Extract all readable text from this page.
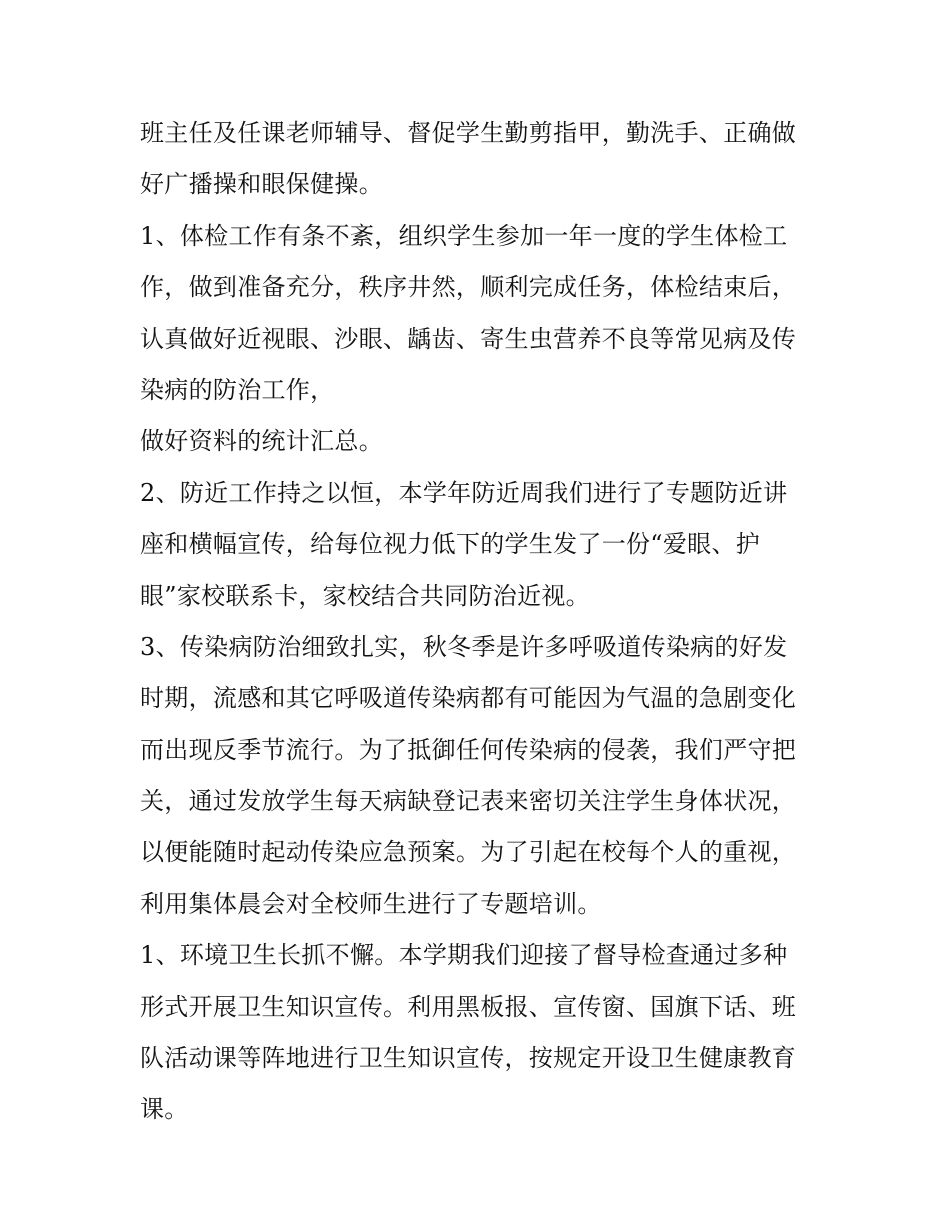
班主任及任课老师辅导、督促学生勤剪指甲，勤洗手、正确做
好广播操和眼保健操。
1、体检工作有条不紊，组织学生参加一年一度的学生体检工
作，做到准备充分，秩序井然，顺利完成任务，体检结束后，
认真做好近视眼、沙眼、龋齿、寄生虫营养不良等常见病及传
染病的防治工作，
做好资料的统计汇总。
2、防近工作持之以恒，本学年防近周我们进行了专题防近讲
座和横幅宣传，给每位视力低下的学生发了一份“爱眼、护
眼”家校联系卡，家校结合共同防治近视。
3、传染病防治细致扎实，秋冬季是许多呼吸道传染病的好发
时期，流感和其它呼吸道传染病都有可能因为气温的急剧变化
而出现反季节流行。为了抵御任何传染病的侵袭，我们严守把
关，通过发放学生每天病缺登记表来密切关注学生身体状况，
以便能随时起动传染应急预案。为了引起在校每个人的重视，
利用集体晨会对全校师生进行了专题培训。
1、环境卫生长抓不懈。本学期我们迎接了督导检查通过多种
形式开展卫生知识宣传。利用黑板报、宣传窗、国旗下话、班
队活动课等阵地进行卫生知识宣传，按规定开设卫生健康教育
课。
